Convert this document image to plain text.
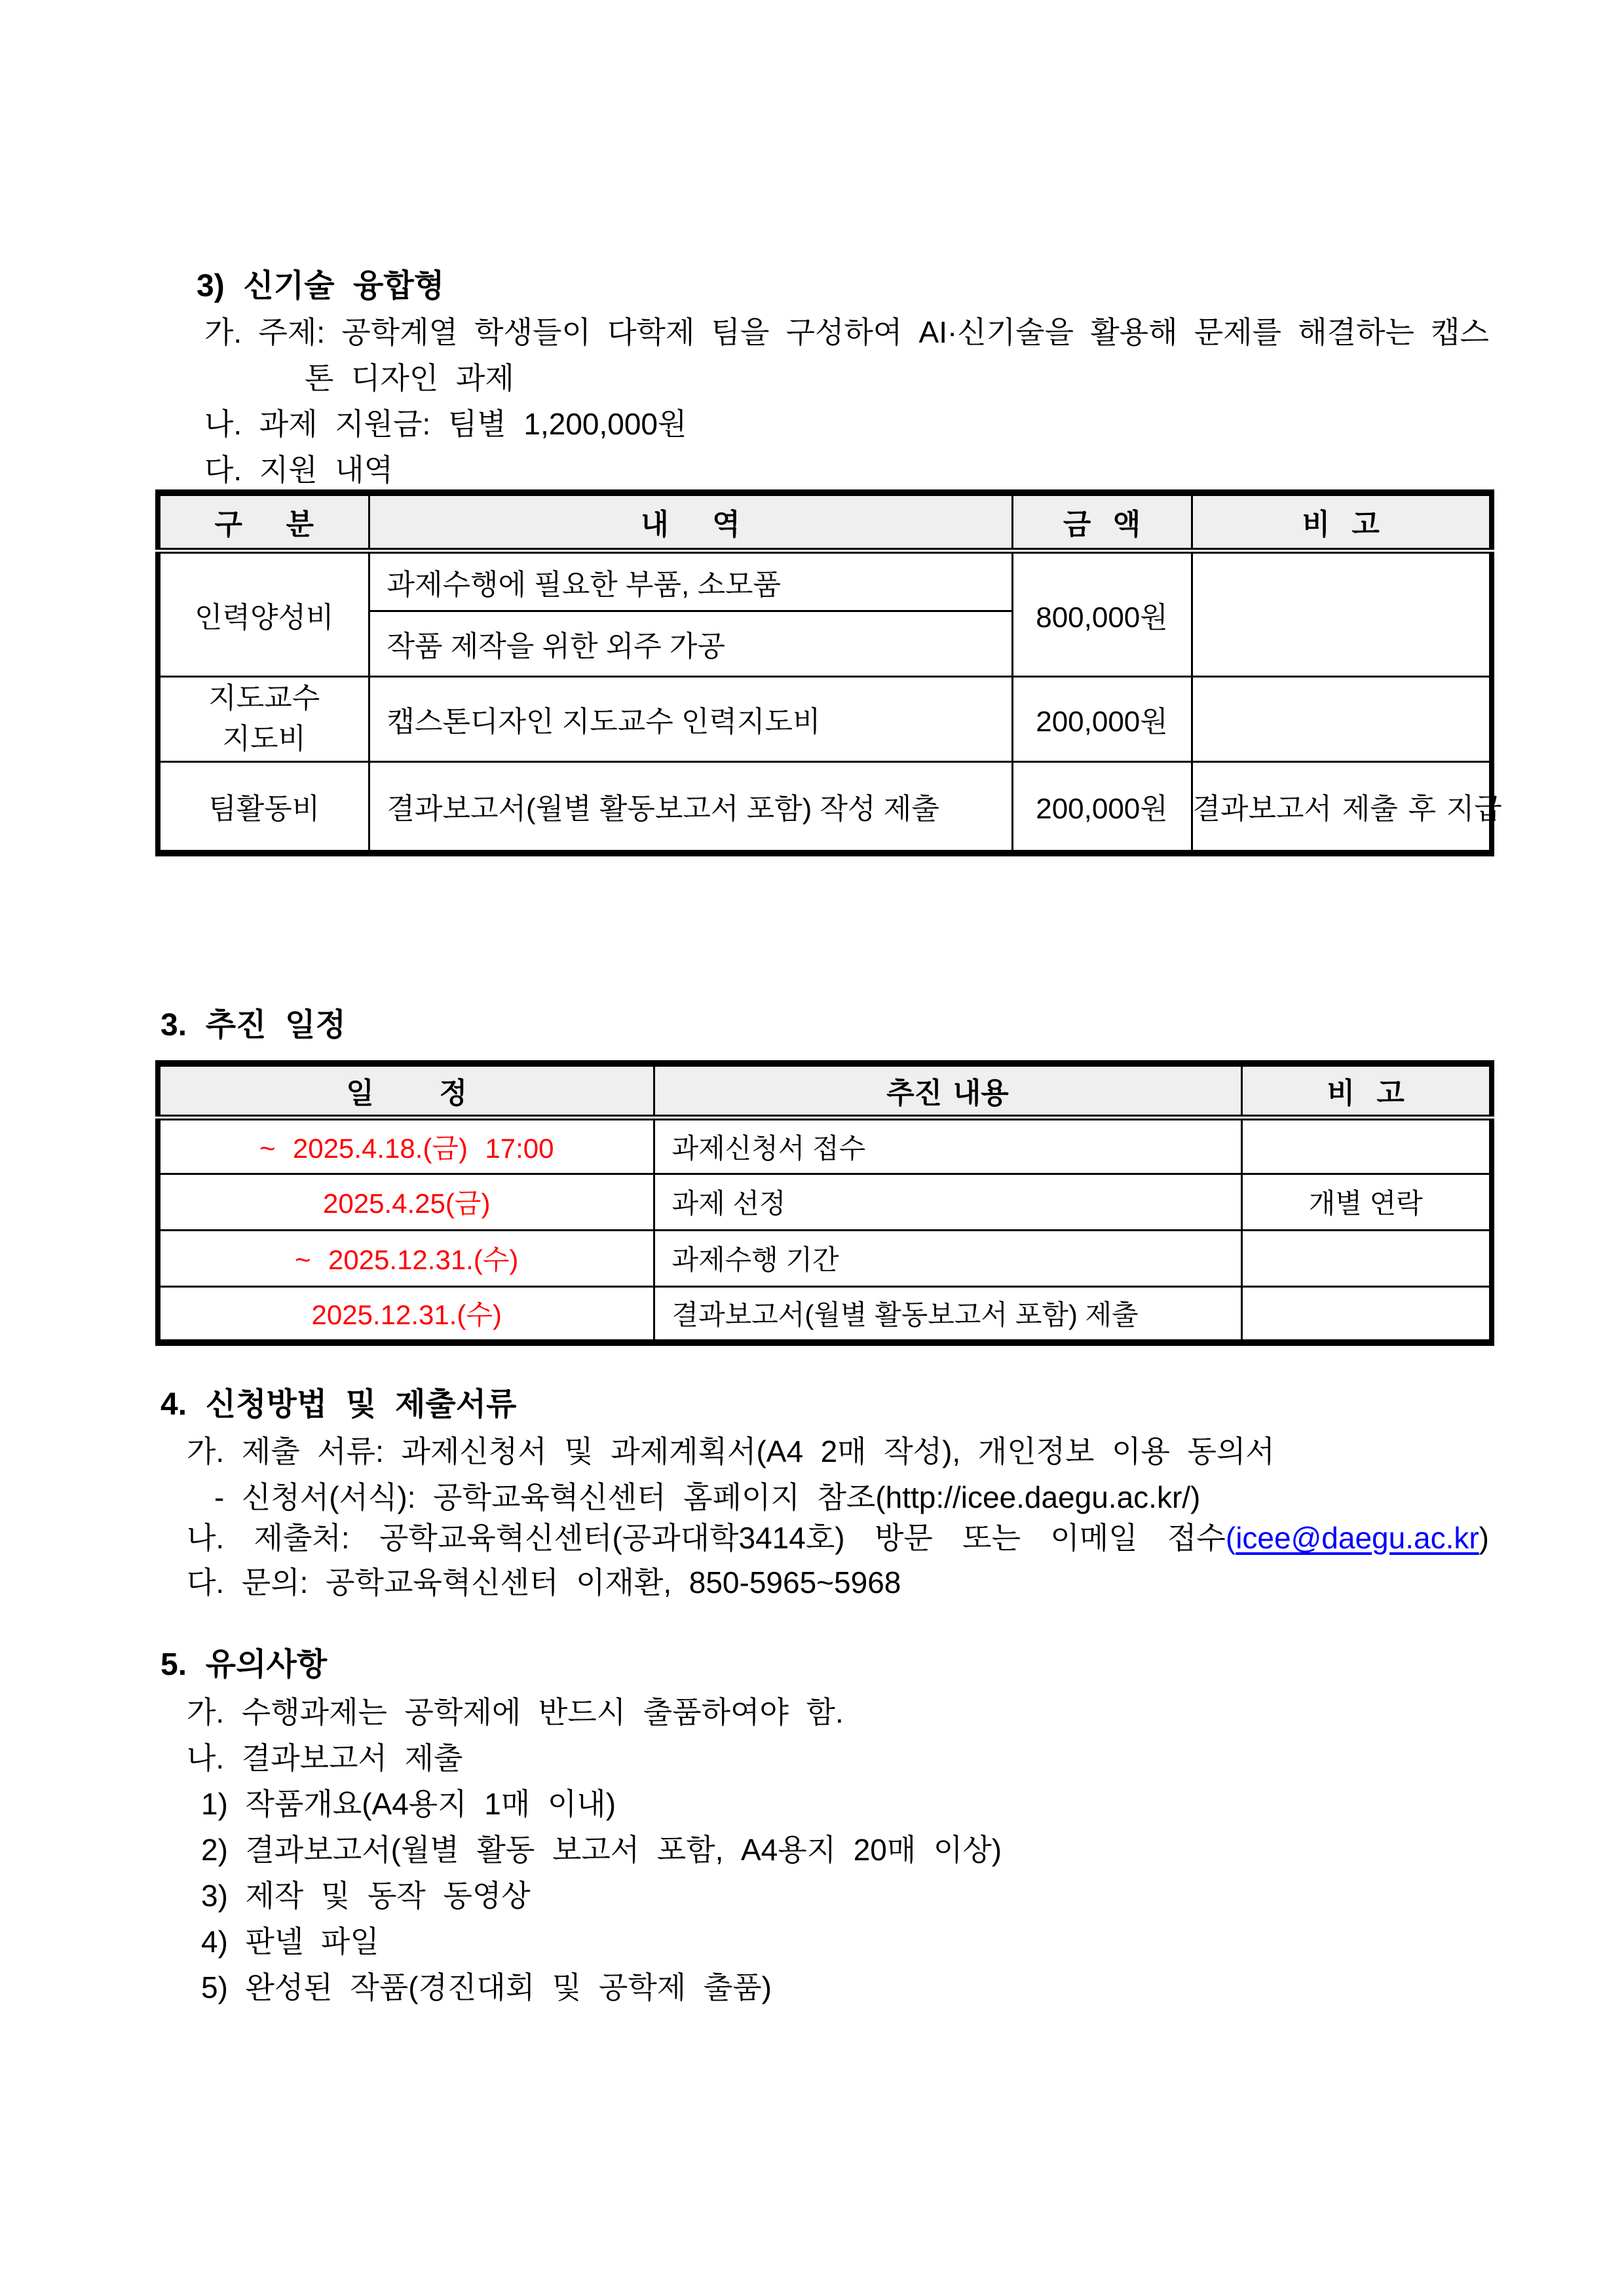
3) 신기술 융합형
가. 주제: 공학계열 학생들이 다학제 팀을 구성하여 AI·신기술을 활용해 문제를 해결하는 캡스
톤 디자인 과제
나. 과제 지원금: 팀별 1,200,000원
다. 지원 내역
구    분	내    역	금  액	비  고
인력양성비	과제수행에 필요한 부품, 소모품	800,000원	
	작품 제작을 위한 외주 가공		

지도교수
지도비	캡스톤디자인 지도교수 인력지도비	200,000원	
팀활동비	결과보고서(월별 활동보고서 포함) 작성 제출	200,000원	결과보고서 제출 후 지급
3. 추진 일정
일      정	추진 내용	비  고
~ 2025.4.18.(금) 17:00	과제신청서 접수	
2025.4.25(금)	과제 선정	개별 연락
~ 2025.12.31.(수)	과제수행 기간	
2025.12.31.(수)	결과보고서(월별 활동보고서 포함) 제출	
4. 신청방법 및 제출서류
가. 제출 서류: 과제신청서 및 과제계획서(A4 2매 작성), 개인정보 이용 동의서
- 신청서(서식): 공학교육혁신센터 홈페이지 참조(http://icee.daegu.ac.kr/)
나. 제출처: 공학교육혁신센터(공과대학3414호) 방문 또는 이메일 접수(icee@daegu.ac.kr)
다. 문의: 공학교육혁신센터 이재환, 850-5965~5968
5. 유의사항
가. 수행과제는 공학제에 반드시 출품하여야 함.
나. 결과보고서 제출
1) 작품개요(A4용지 1매 이내)
2) 결과보고서(월별 활동 보고서 포함, A4용지 20매 이상)
3) 제작 및 동작 동영상
4) 판넬 파일
5) 완성된 작품(경진대회 및 공학제 출품)
